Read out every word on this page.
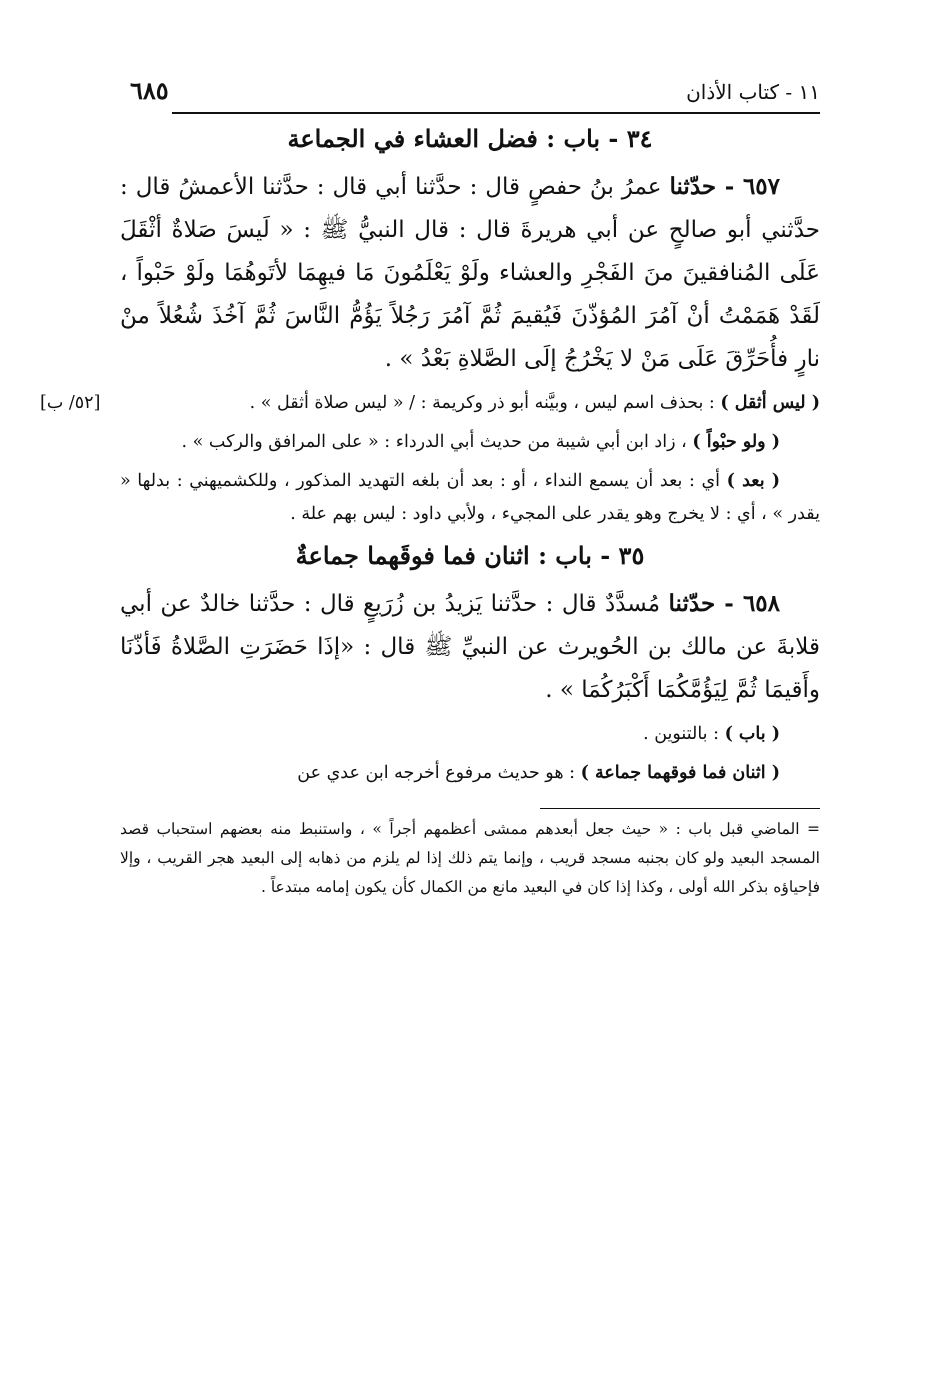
١١ - كتاب الأذان
٦٨٥
٣٤ - باب : فضل العشاء في الجماعة

٦٥٧ - حدّثنا عمرُ بنُ حفصٍ قال : حدَّثنا أبي قال : حدَّثنا الأعمشُ قال : حدَّثني أبو صالحٍ عن أبي هريرةَ قال : قال النبيُّ ﷺ : « لَيسَ صَلاةٌ أثْقَلَ عَلَى المُنافقينَ منَ الفَجْرِ والعشاء ولَوْ يَعْلَمُونَ مَا فيهِمَا لأتَوهُمَا ولَوْ حَبْواً ، لَقَدْ هَمَمْتُ أنْ آمُرَ المُؤذّنَ فَيُقيمَ ثُمَّ آمُرَ رَجُلاً يَؤُمُّ النَّاسَ ثُمَّ آخُذَ شُعُلاً منْ نارٍ فأُحَرِّقَ عَلَى مَنْ لا يَخْرُجُ إلَى الصَّلاةِ بَعْدُ » .

[٥٢/ ب]	( ليس أثقل ) : بحذف اسم ليس ، وبيَّنه أبو ذر وكريمة : / « ليس صلاة أثقل » .

( ولو حبْواً ) ، زاد ابن أبي شيبة من حديث أبي الدرداء : « على المرافق والركب » .

( بعد ) أي : بعد أن يسمع النداء ، أو : بعد أن بلغه التهديد المذكور ، وللكشميهني : بدلها « يقدر » ، أي : لا يخرج وهو يقدر على المجيء ، ولأبي داود : ليس بهم علة .

٣٥ - باب : اثنان فما فوقَهما جماعةٌ

٦٥٨ - حدّثنا مُسدَّدٌ قال : حدَّثنا يَزيدُ بن زُرَيعٍ قال : حدَّثنا خالدٌ عن أبي قلابةَ عن مالك بن الحُويرث عن النبيِّ ﷺ قال : «إذَا حَضَرَتِ الصَّلاةُ فَأذّنَا وأَقيمَا ثُمَّ لِيَؤُمَّكُمَا أَكْبَرُكُمَا » .

( باب ) : بالتنوين .

( اثنان فما فوقهما جماعة ) : هو حديث مرفوع أخرجه ابن عدي عن

= الماضي قبل باب : « حيث جعل أبعدهم ممشى أعظمهم أجراً » ، واستنبط منه بعضهم استحباب قصد المسجد البعيد ولو كان بجنبه مسجد قريب ، وإنما يتم ذلك إذا لم يلزم من ذهابه إلى البعيد هجر القريب ، وإلا فإحياؤه بذكر الله أولى ، وكذا إذا كان في البعيد مانع من الكمال كأن يكون إمامه مبتدعاً .
